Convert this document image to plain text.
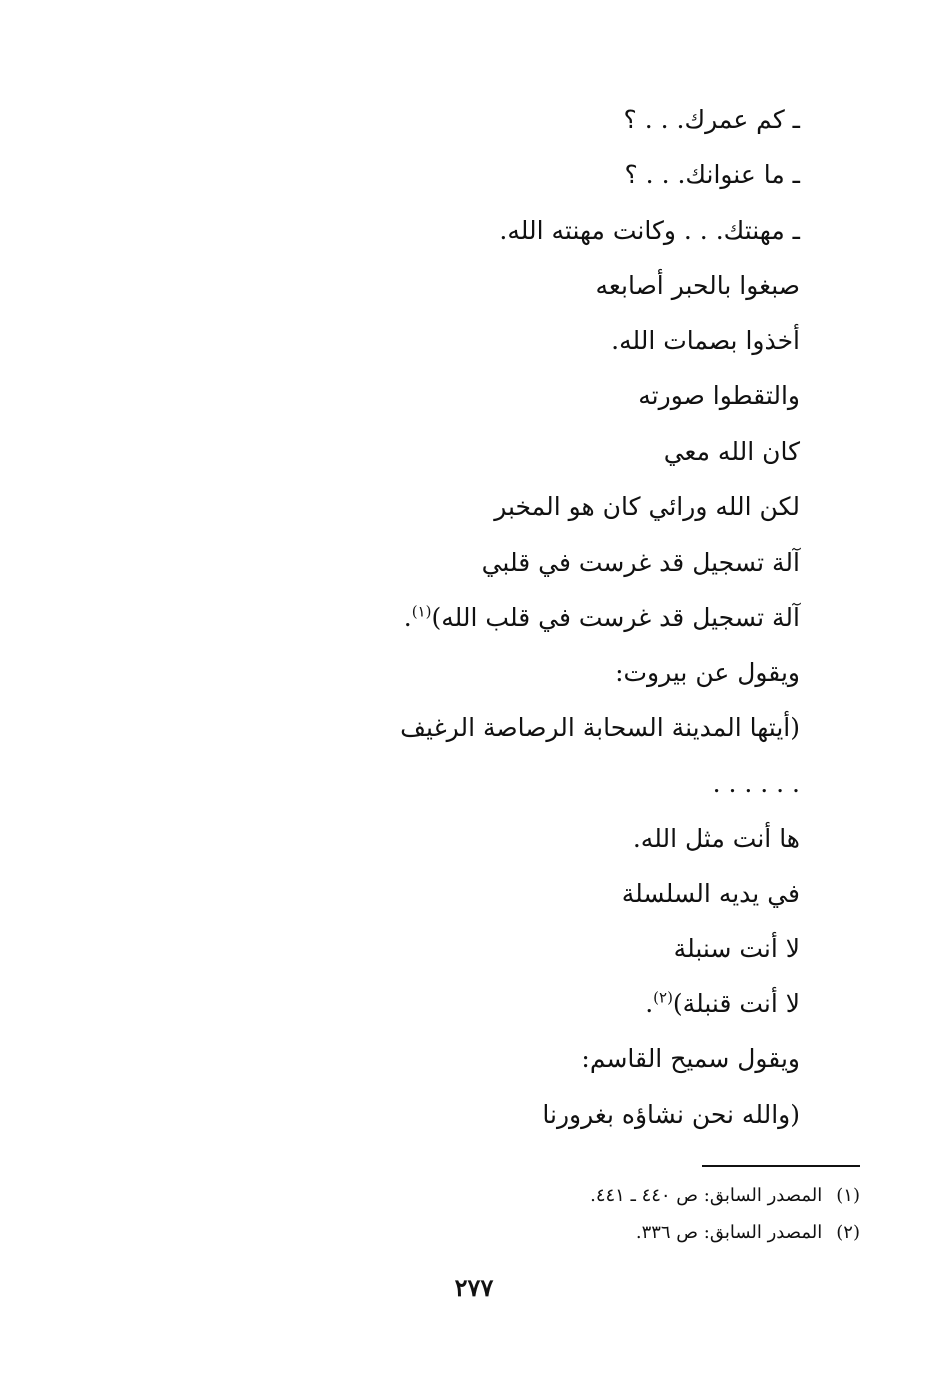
ـ كم عمرك. . . ؟
ـ ما عنوانك. . . ؟
ـ مهنتك. . . وكانت مهنته الله.
صبغوا بالحبر أصابعه
أخذوا بصمات الله.
والتقطوا صورته
كان الله معي
لكن الله ورائي كان هو المخبر
آلة تسجيل قد غرست في قلبي
آلة تسجيل قد غرست في قلب الله)$^{(١)}$.
ويقول عن بيروت:
(أيتها المدينة السحابة الرصاصة الرغيف
. . . . . .
ها أنت مثل الله.
في يديه السلسلة
لا أنت سنبلة
لا أنت قنبلة)$^{(٢)}$.
ويقول سميح القاسم:
(والله نحن نشاؤه بغرورنا
(١)المصدر السابق: ص ٤٤٠ ـ ٤٤١.
(٢)المصدر السابق: ص ٣٣٦.
٢٧٧
